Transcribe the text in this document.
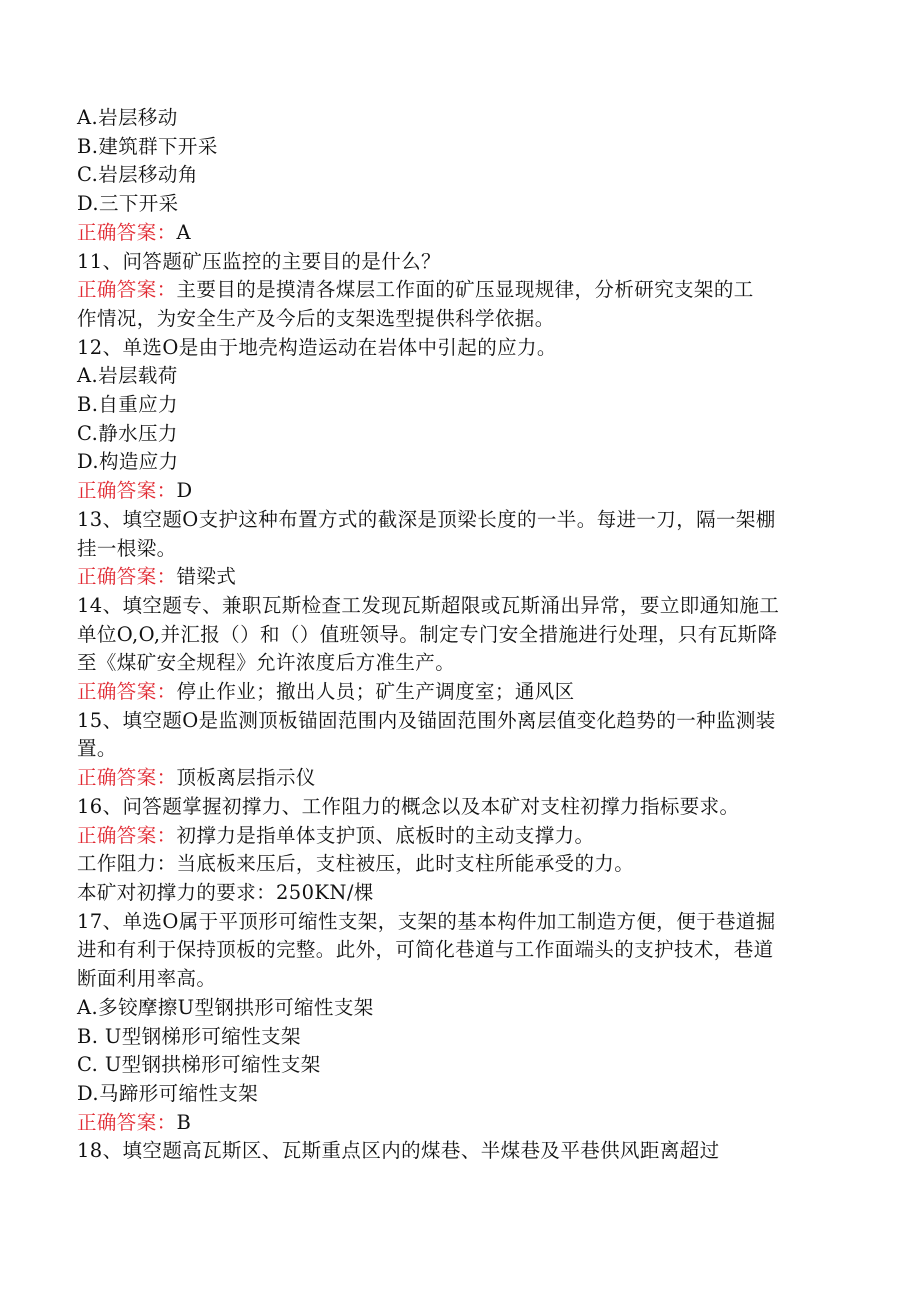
A.岩层移动
B.建筑群下开采
C.岩层移动角
D.三下开采
正确答案：A
11、问答题矿压监控的主要目的是什么？
正确答案：主要目的是摸清各煤层工作面的矿压显现规律，分析研究支架的工
作情况，为安全生产及今后的支架选型提供科学依据。
12、单选O是由于地壳构造运动在岩体中引起的应力。
A.岩层载荷
B.自重应力
C.静水压力
D.构造应力
正确答案：D
13、填空题O支护这种布置方式的截深是顶梁长度的一半。每进一刀，隔一架棚
挂一根梁。
正确答案：错梁式
14、填空题专、兼职瓦斯检查工发现瓦斯超限或瓦斯涌出异常，要立即通知施工
单位O,O,并汇报（）和（）值班领导。制定专门安全措施进行处理，只有瓦斯降
至《煤矿安全规程》允许浓度后方准生产。
正确答案：停止作业；撤出人员；矿生产调度室；通风区
15、填空题O是监测顶板锚固范围内及锚固范围外离层值变化趋势的一种监测装
置。
正确答案：顶板离层指示仪
16、问答题掌握初撑力、工作阻力的概念以及本矿对支柱初撑力指标要求。
正确答案：初撑力是指单体支护顶、底板时的主动支撑力。
工作阻力：当底板来压后，支柱被压，此时支柱所能承受的力。
本矿对初撑力的要求：250KN/棵
17、单选O属于平顶形可缩性支架，支架的基本构件加工制造方便，便于巷道掘
进和有利于保持顶板的完整。此外，可简化巷道与工作面端头的支护技术，巷道
断面利用率高。
A.多铰摩擦U型钢拱形可缩性支架
B. U型钢梯形可缩性支架
C. U型钢拱梯形可缩性支架
D.马蹄形可缩性支架
正确答案：B
18、填空题高瓦斯区、瓦斯重点区内的煤巷、半煤巷及平巷供风距离超过
